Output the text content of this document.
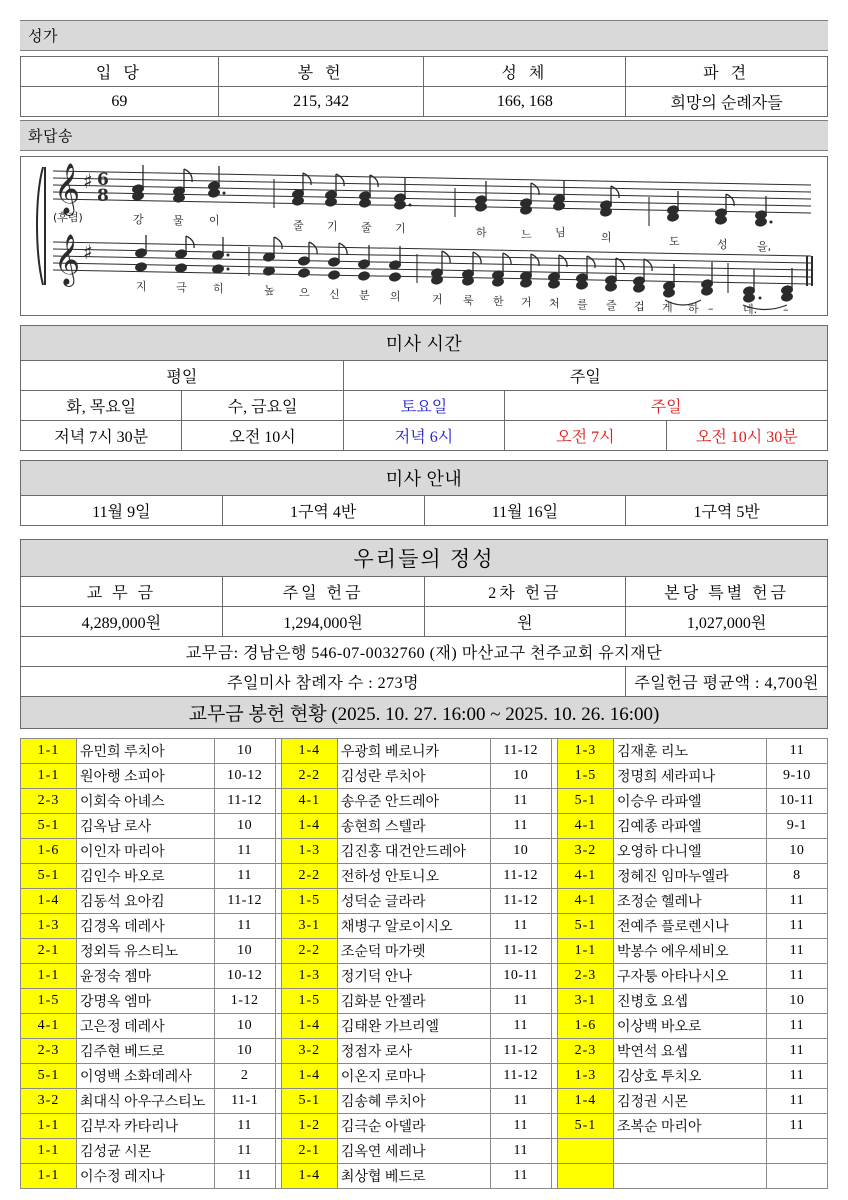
성가
입 당	봉 헌	성 체	파 견
69	215, 342	166, 168	희망의 순례자들
화답송
𝄞
𝄞
♯
♯
6
8
(후렴)	강	물 이	줄 기 줄 기	하	느 님	의	도	성	을,
지	극 히	높 으 신 분 의	거 룩 한 거 처 를 즐 겁 게 하 –	네. –
미사 시간				
평일		주일		
화, 목요일	수, 금요일	토요일	주일	
저녁 7시 30분	오전 10시	저녁 6시	오전 7시	오전 10시 30분
미사 안내
11월 9일	1구역 4반	11월 16일	1구역 5반
우리들의 정성			
교 무 금	주일 헌금	2차 헌금	본당 특별 헌금
4,289,000원	1,294,000원	원	1,027,000원
교무금: 경남은행 546-07-0032760 (재) 마산교구 천주교회 유지재단			
주일미사 참례자 수 : 273명			주일헌금 평균액 : 4,700원
교무금 봉헌 현황 (2025. 10. 27. 16:00 ~ 2025. 10. 26. 16:00)			
1-1	유민희 루치아	10		1-4	우광희 베로니카	11-12		1-3	김재훈 리노	11
1-1	원아행 소피아	10-12		2-2	김성란 루치아	10		1-5	정명희 세라피나	9-10
2-3	이회숙 아녜스	11-12		4-1	송우준 안드레아	11		5-1	이승우 라파엘	10-11
5-1	김옥남 로사	10		1-4	송현희 스텔라	11		4-1	김예종 라파엘	9-1
1-6	이인자 마리아	11		1-3	김진홍 대건안드레아	10		3-2	오영하 다니엘	10
5-1	김인수 바오로	11		2-2	전하성 안토니오	11-12		4-1	정혜진 임마누엘라	8
1-4	김동석 요아킴	11-12		1-5	성덕순 글라라	11-12		4-1	조정순 헬레나	11
1-3	김경옥 데레사	11		3-1	채병구 알로이시오	11		5-1	전예주 플로렌시나	11
2-1	정외득 유스티노	10		2-2	조순덕 마가렛	11-12		1-1	박봉수 에우세비오	11
1-1	윤정숙 젬마	10-12		1-3	정기덕 안나	10-11		2-3	구자퉁 아타나시오	11
1-5	강명옥 엠마	1-12		1-5	김화분 안젤라	11		3-1	진병호 요셉	10
4-1	고은정 데레사	10		1-4	김태완 가브리엘	11		1-6	이상백 바오로	11
2-3	김주현 베드로	10		3-2	정점자 로사	11-12		2-3	박연석 요셉	11
5-1	이영백 소화데레사	2		1-4	이온지 로마나	11-12		1-3	김상호 투치오	11
3-2	최대식 아우구스티노	11-1		5-1	김송혜 루치아	11		1-4	김정권 시몬	11
1-1	김부자 카타리나	11		1-2	김극순 아델라	11		5-1	조복순 마리아	11
1-1	김성균 시몬	11		2-1	김옥연 세레나	11				
1-1	이수정 레지나	11		1-4	최상협 베드로	11				
